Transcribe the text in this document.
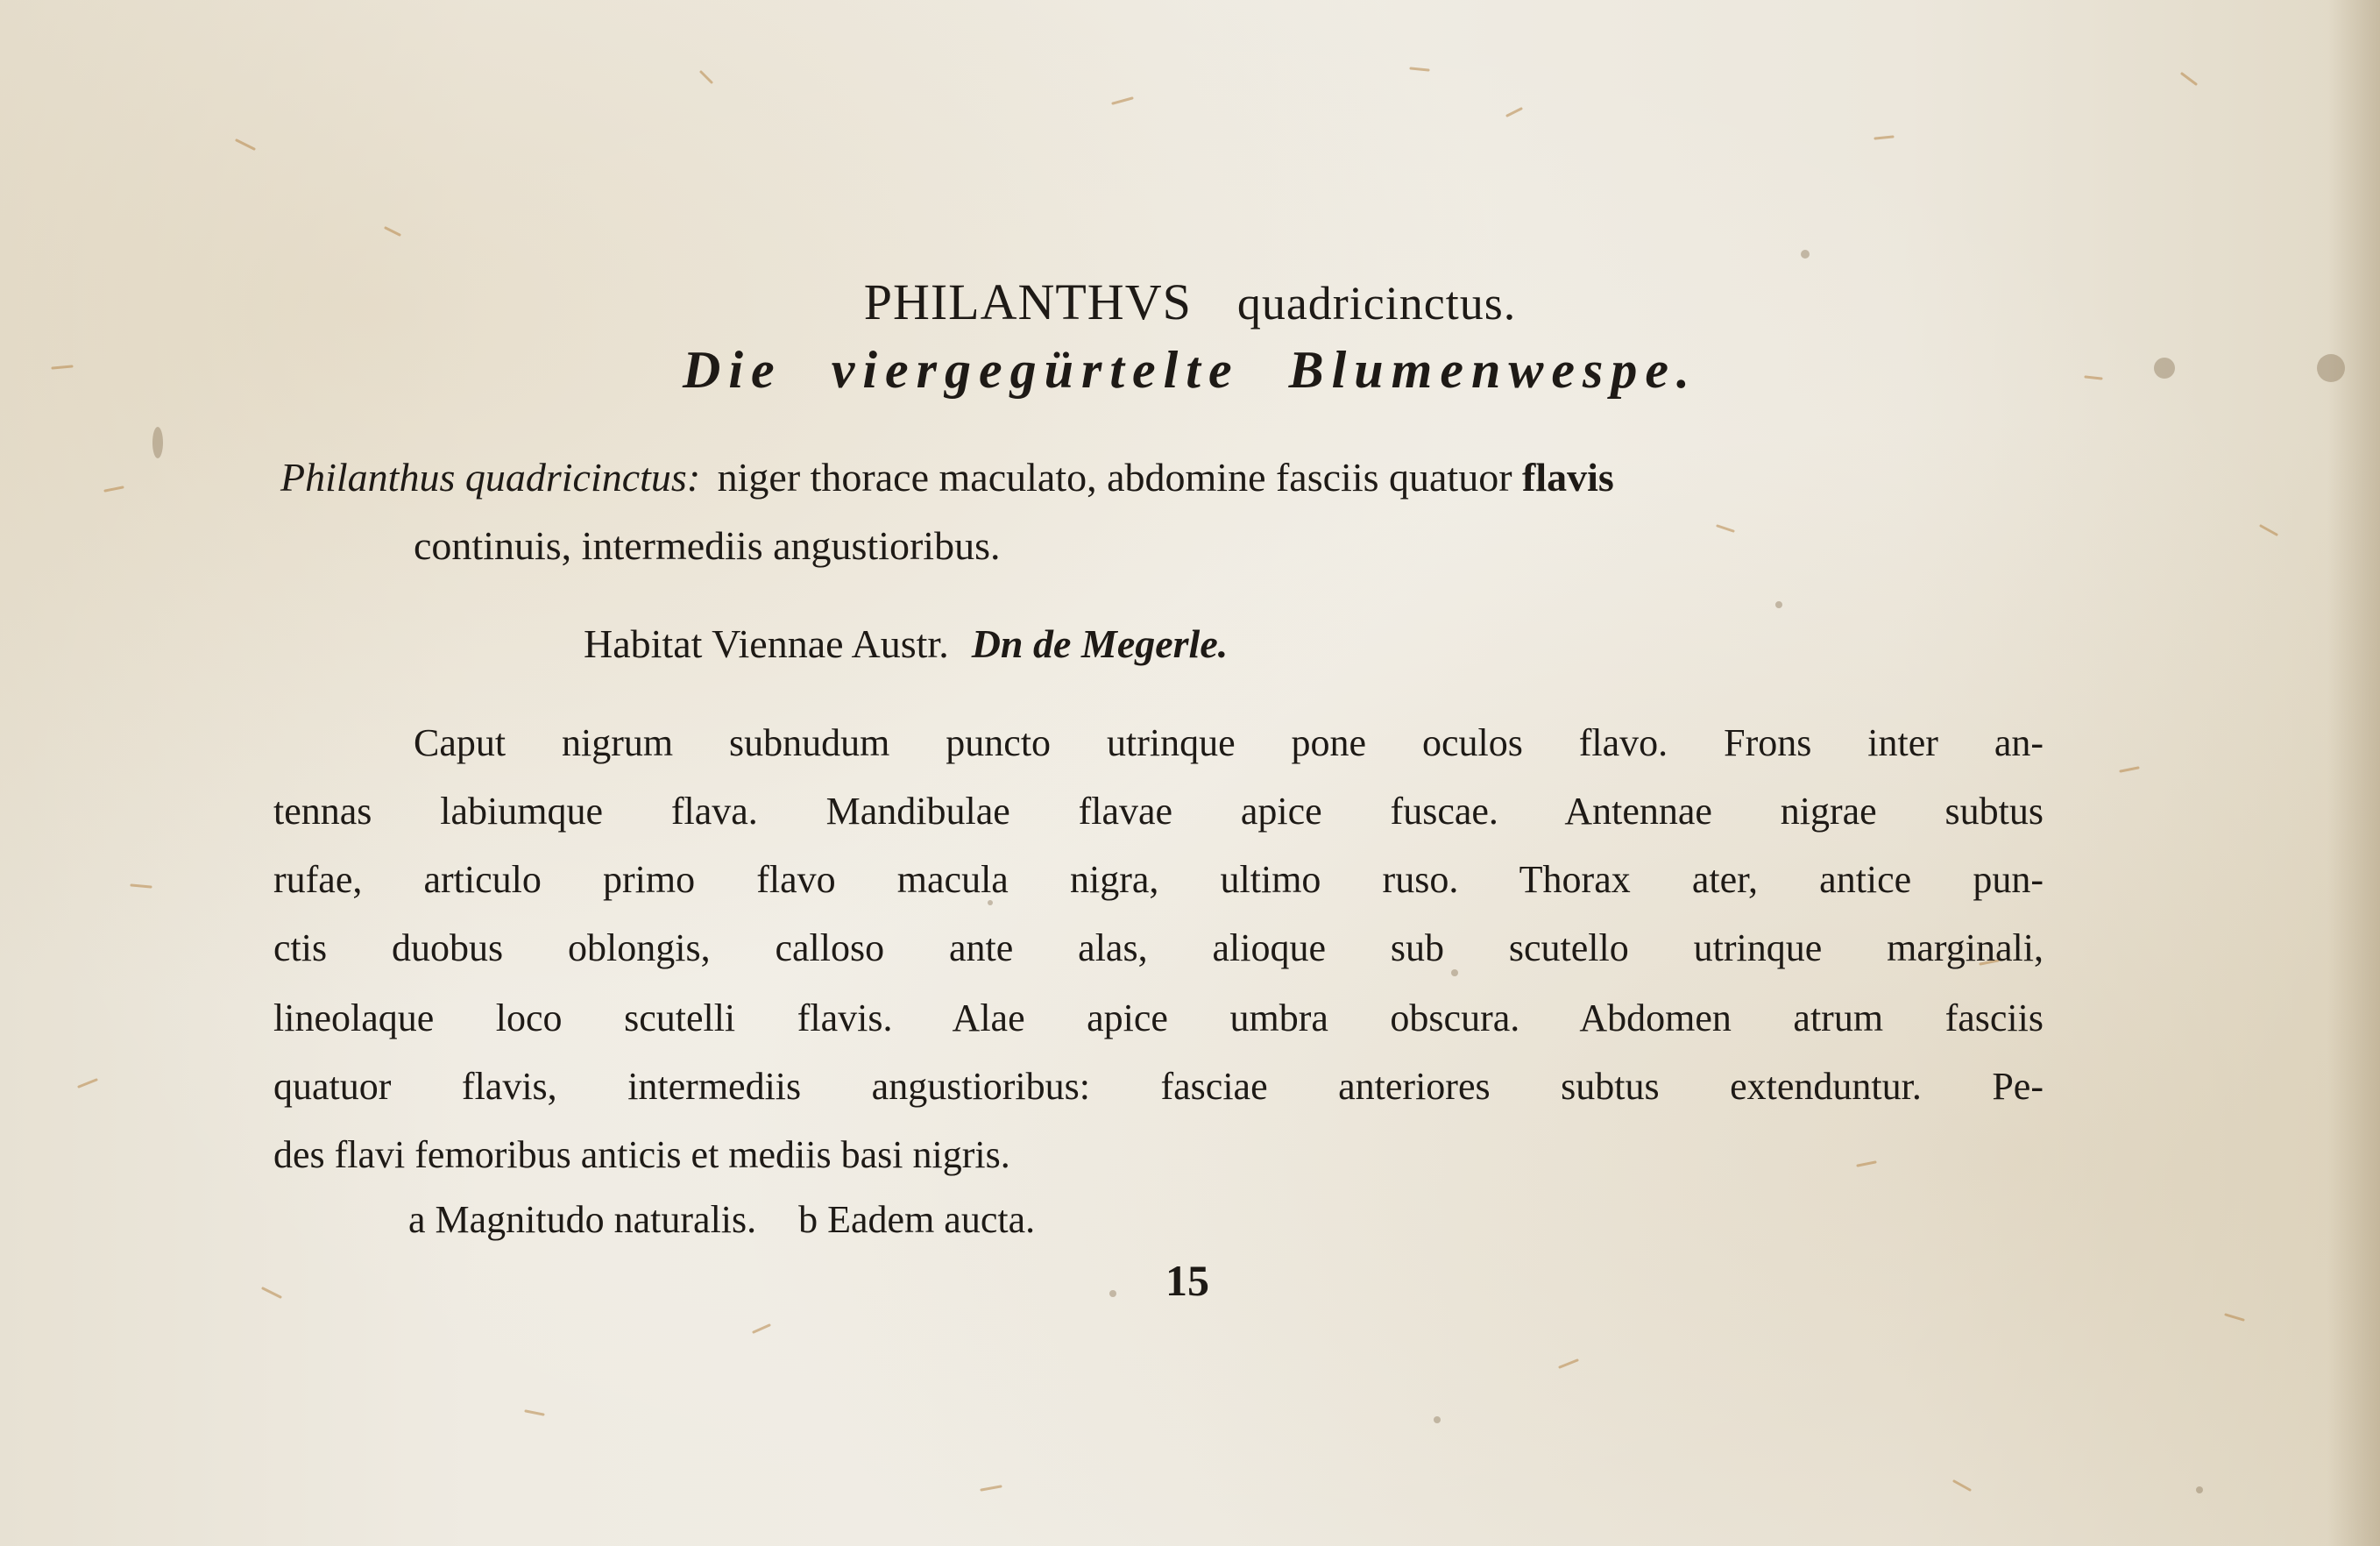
PHILANTHVS quadricinctus.
Die viergegürtelte Blumenwespe.
Philanthus quadricinctus: niger thorace maculato, abdomine fasciis quatuor flavis
continuis, intermediis angustioribus.
Habitat Viennae Austr. Dn de Megerle.
Caput nigrum subnudum puncto utrinque pone oculos flavo. Frons inter an-
tennas labiumque flava. Mandibulae flavae apice fuscae. Antennae nigrae subtus
rufae, articulo primo flavo macula nigra, ultimo ruso. Thorax ater, antice pun-
ctis duobus oblongis, calloso ante alas, alioque sub scutello utrinque marginali,
lineolaque loco scutelli flavis. Alae apice umbra obscura. Abdomen atrum fasciis
quatuor flavis, intermediis angustioribus: fasciae anteriores subtus extenduntur. Pe-
des flavi femoribus anticis et mediis basi nigris.
a Magnitudo naturalis. b Eadem aucta.
15
